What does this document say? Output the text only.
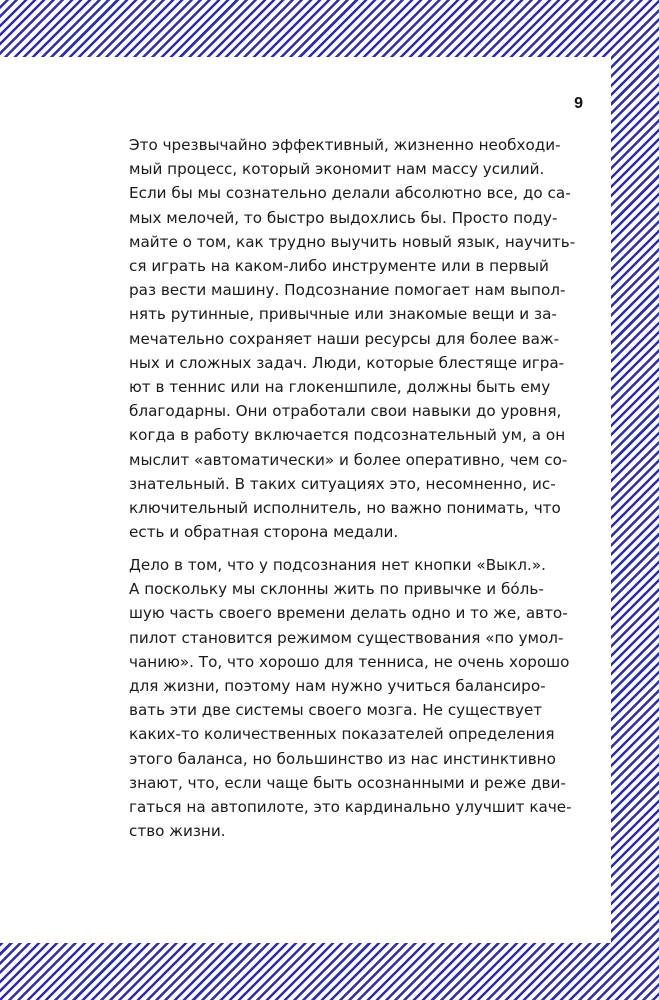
9

Это чрезвычайно эффективный, жизненно необходи-
мый процесс, который экономит нам массу усилий.
Если бы мы сознательно делали абсолютно все, до са-
мых мелочей, то быстро выдохлись бы. Просто поду-
майте о том, как трудно выучить новый язык, научить-
ся играть на каком-либо инструменте или в первый
раз вести машину. Подсознание помогает нам выпол-
нять рутинные, привычные или знакомые вещи и за-
мечательно сохраняет наши ресурсы для более важ-
ных и сложных задач. Люди, которые блестяще игра-
ют в теннис или на глокеншпиле, должны быть ему
благодарны. Они отработали свои навыки до уровня,
когда в работу включается подсознательный ум, а он
мыслит «автоматически» и более оперативно, чем со-
знательный. В таких ситуациях это, несомненно, ис-
ключительный исполнитель, но важно понимать, что
есть и обратная сторона медали.

Дело в том, что у подсознания нет кнопки «Выкл.».
А поскольку мы склонны жить по привычке и бóль-
шую часть своего времени делать одно и то же, авто-
пилот становится режимом существования «по умол-
чанию». То, что хорошо для тенниса, не очень хорошо
для жизни, поэтому нам нужно учиться балансиро-
вать эти две системы своего мозга. Не существует
каких-то количественных показателей определения
этого баланса, но большинство из нас инстинктивно
знают, что, если чаще быть осознанными и реже дви-
гаться на автопилоте, это кардинально улучшит каче-
ство жизни.
